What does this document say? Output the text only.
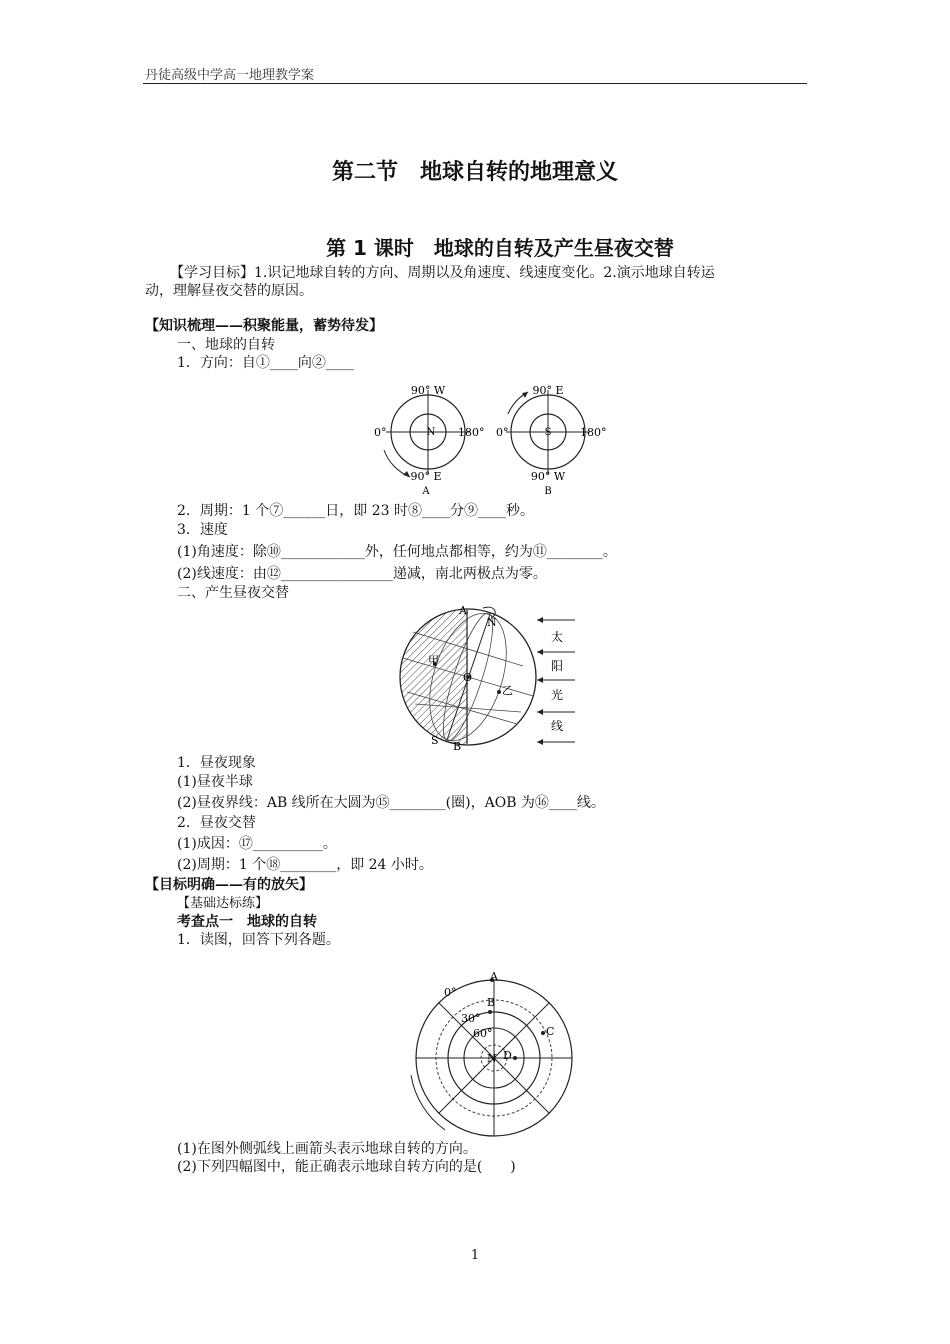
丹徒高级中学高一地理教学案
第二节　地球自转的地理意义
第 1 课时　地球的自转及产生昼夜交替
【学习目标】1.识记地球自转的方向、周期以及角速度、线速度变化。2.演示地球自转运
动，理解昼夜交替的原因。
【知识梳理——积聚能量，蓄势待发】
一、地球的自转
1．方向：自①____向②____
90° W
0°	180°
90° E
N
A
90° E
0°	180°
90° W
S
B
2．周期：1 个⑦______日，即 23 时⑧____分⑨____秒。
3．速度
(1)角速度：除⑩____________外，任何地点都相等，约为⑪________。
(2)线速度：由⑫________________递减，南北两极点为零。
二、产生昼夜交替
A
N
甲
O
乙
S B
太
阳
光
线
1．昼夜现象
(1)昼夜半球
(2)昼夜界线：AB 线所在大圆为⑮________(圈)，AOB 为⑯____线。
2．昼夜交替
(1)成因：⑰__________。
(2)周期：1 个⑱________，即 24 小时。
【目标明确——有的放矢】
【基础达标练】
考查点一　地球的自转
1．读图，回答下列各题。
A
0°
B
30°
C
60°
N D
(1)在图外侧弧线上画箭头表示地球自转的方向。
(2)下列四幅图中，能正确表示地球自转方向的是(　　)
1
